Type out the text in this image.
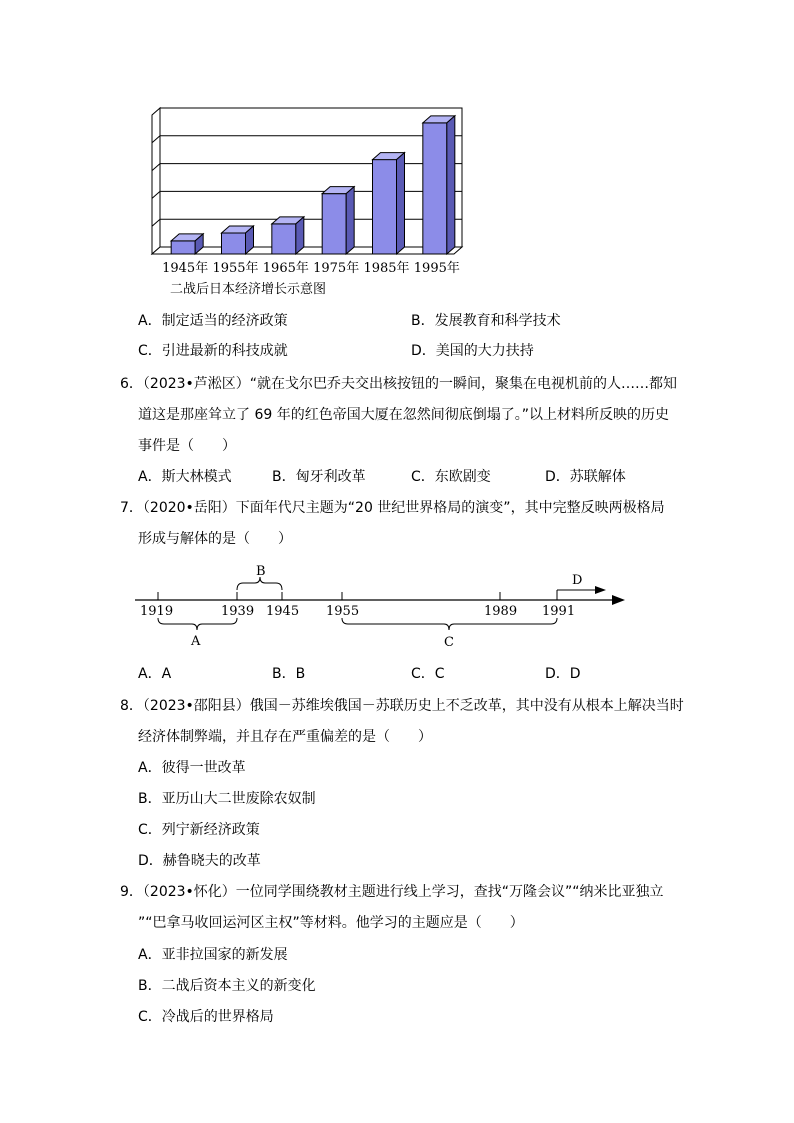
1945年 1955年 1965年 1975年 1985年 1995年
二战后日本经济增长示意图
A．制定适当的经济政策	B．发展教育和科学技术
C．引进最新的科技成就	D．美国的大力扶持
6．（2023•芦淞区）“就在戈尔巴乔夫交出核按钮的一瞬间，聚集在电视机前的人……都知
道这是那座耸立了 69 年的红色帝国大厦在忽然间彻底倒塌了。”以上材料所反映的历史
事件是（　　）
A．斯大林模式	B．匈牙利改革	C．东欧剧变	D．苏联解体
7．（2020•岳阳）下面年代尺主题为“20 世纪世界格局的演变”，其中完整反映两极格局
形成与解体的是（　　）
1919	1939 1945 1955	1989 1991
B
A	C
D
A．A	B．B	C．C	D．D
8．（2023•邵阳县）俄国－苏维埃俄国－苏联历史上不乏改革，其中没有从根本上解决当时
经济体制弊端，并且存在严重偏差的是（　　）
A．彼得一世改革
B．亚历山大二世废除农奴制
C．列宁新经济政策
D．赫鲁晓夫的改革
9．（2023•怀化）一位同学围绕教材主题进行线上学习，查找“万隆会议”“纳米比亚独立
”“巴拿马收回运河区主权”等材料。他学习的主题应是（　　）
A．亚非拉国家的新发展
B．二战后资本主义的新变化
C．冷战后的世界格局
